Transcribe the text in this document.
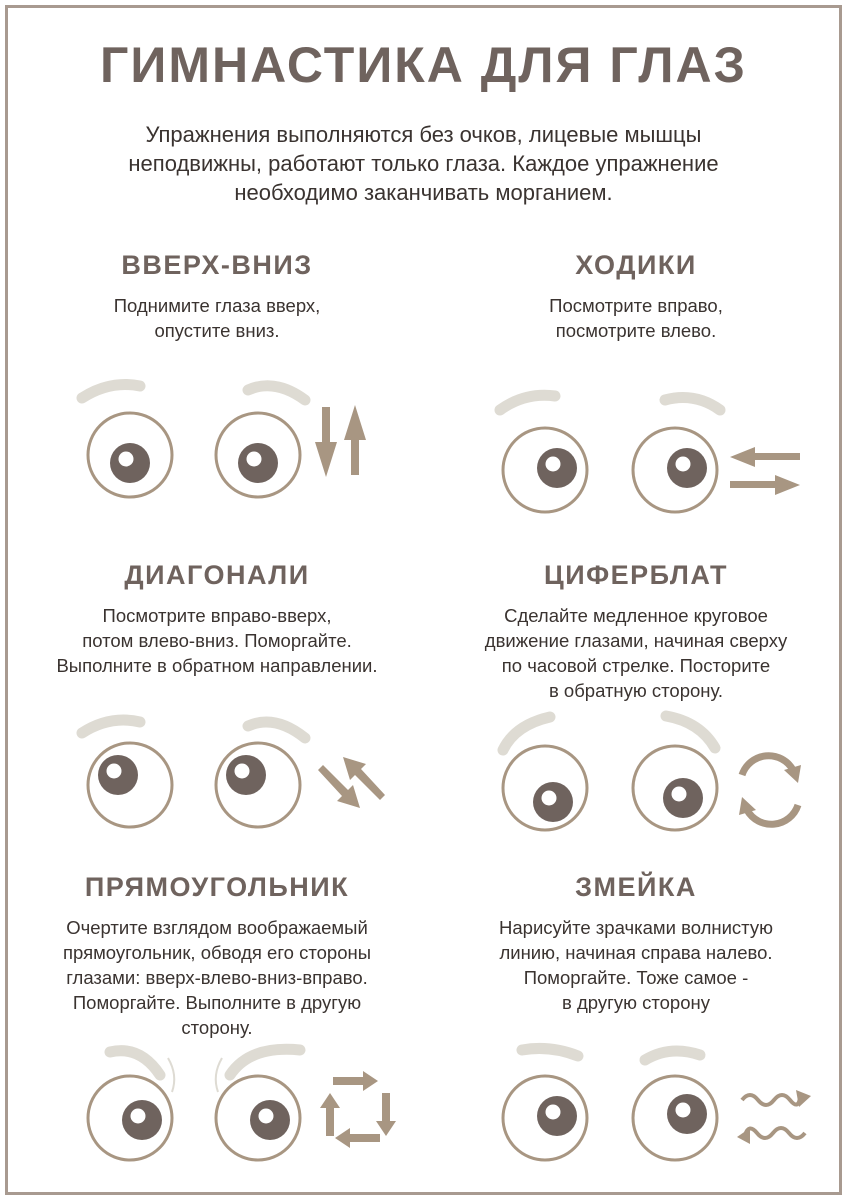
ГИМНАСТИКА ДЛЯ ГЛАЗ
Упражнения выполняются без очков, лицевые мышцы
неподвижны, работают только глаза. Каждое упражнение
необходимо заканчивать морганием.
ВВЕРХ-ВНИЗ

Поднимите глаза вверх,
опустите вниз.

ХОДИКИ

Посмотрите вправо,
посмотрите влево.

ДИАГОНАЛИ

Посмотрите вправо-вверх,
потом влево-вниз. Поморгайте.
Выполните в обратном направлении.

ЦИФЕРБЛАТ

Сделайте медленное круговое
движение глазами, начиная сверху
по часовой стрелке. Посторите
в обратную сторону.

ПРЯМОУГОЛЬНИК

Очертите взглядом воображаемый
прямоугольник, обводя его стороны
глазами: вверх-влево-вниз-вправо.
Поморгайте. Выполните в другую
сторону.

ЗМЕЙКА

Нарисуйте зрачками волнистую
линию, начиная справа налево.
Поморгайте. Тоже самое -
в другую сторону
